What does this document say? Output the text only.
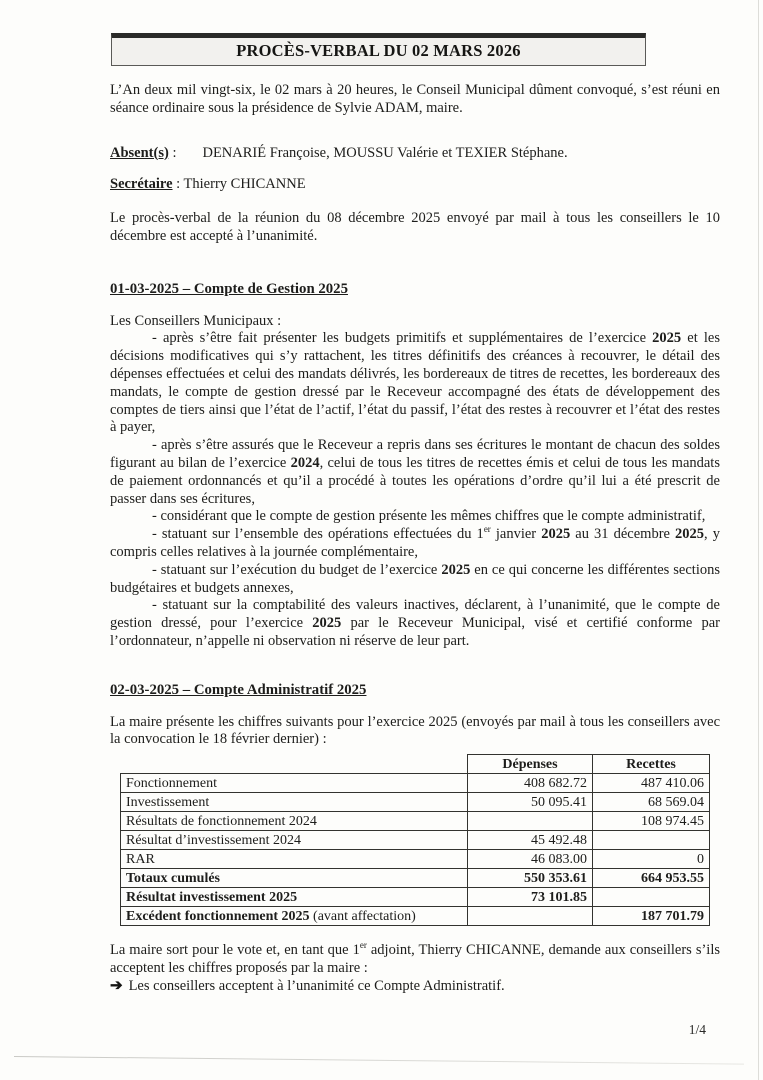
PROCÈS-VERBAL DU 02 MARS 2026

L’An deux mil vingt-six, le 02 mars à 20 heures, le Conseil Municipal dûment convoqué, s’est réuni en séance ordinaire sous la présidence de Sylvie ADAM, maire.

Absent(s) : DENARIÉ Françoise, MOUSSU Valérie et TEXIER Stéphane.

Secrétaire : Thierry CHICANNE

Le procès-verbal de la réunion du 08 décembre 2025 envoyé par mail à tous les conseillers le 10 décembre est accepté à l’unanimité.

01-03-2025 – Compte de Gestion 2025

Les Conseillers Municipaux :

- après s’être fait présenter les budgets primitifs et supplémentaires de l’exercice 2025 et les décisions modificatives qui s’y rattachent, les titres définitifs des créances à recouvrer, le détail des dépenses effectuées et celui des mandats délivrés, les bordereaux de titres de recettes, les bordereaux des mandats, le compte de gestion dressé par le Receveur accompagné des états de développement des comptes de tiers ainsi que l’état de l’actif, l’état du passif, l’état des restes à recouvrer et l’état des restes à payer,

- après s’être assurés que le Receveur a repris dans ses écritures le montant de chacun des soldes figurant au bilan de l’exercice 2024, celui de tous les titres de recettes émis et celui de tous les mandats de paiement ordonnancés et qu’il a procédé à toutes les opérations d’ordre qu’il lui a été prescrit de passer dans ses écritures,

- considérant que le compte de gestion présente les mêmes chiffres que le compte administratif,

- statuant sur l’ensemble des opérations effectuées du 1er janvier 2025 au 31 décembre 2025, y compris celles relatives à la journée complémentaire,

- statuant sur l’exécution du budget de l’exercice 2025 en ce qui concerne les différentes sections budgétaires et budgets annexes,

- statuant sur la comptabilité des valeurs inactives, déclarent, à l’unanimité, que le compte de gestion dressé, pour l’exercice 2025 par le Receveur Municipal, visé et certifié conforme par l’ordonnateur, n’appelle ni observation ni réserve de leur part.

02-03-2025 – Compte Administratif 2025

La maire présente les chiffres suivants pour l’exercice 2025 (envoyés par mail à tous les conseillers avec la convocation le 18 février dernier) :

	Dépenses	Recettes
Fonctionnement	408 682.72	487 410.06
Investissement	50 095.41	68 569.04
Résultats de fonctionnement 2024		108 974.45
Résultat d’investissement 2024	45 492.48	
RAR	46 083.00	0
Totaux cumulés	550 353.61	664 953.55
Résultat investissement 2025	73 101.85	
Excédent fonctionnement 2025 (avant affectation)		187 701.79

La maire sort pour le vote et, en tant que 1er adjoint, Thierry CHICANNE, demande aux conseillers s’ils acceptent les chiffres proposés par la maire :

➔ Les conseillers acceptent à l’unanimité ce Compte Administratif.

1/4
